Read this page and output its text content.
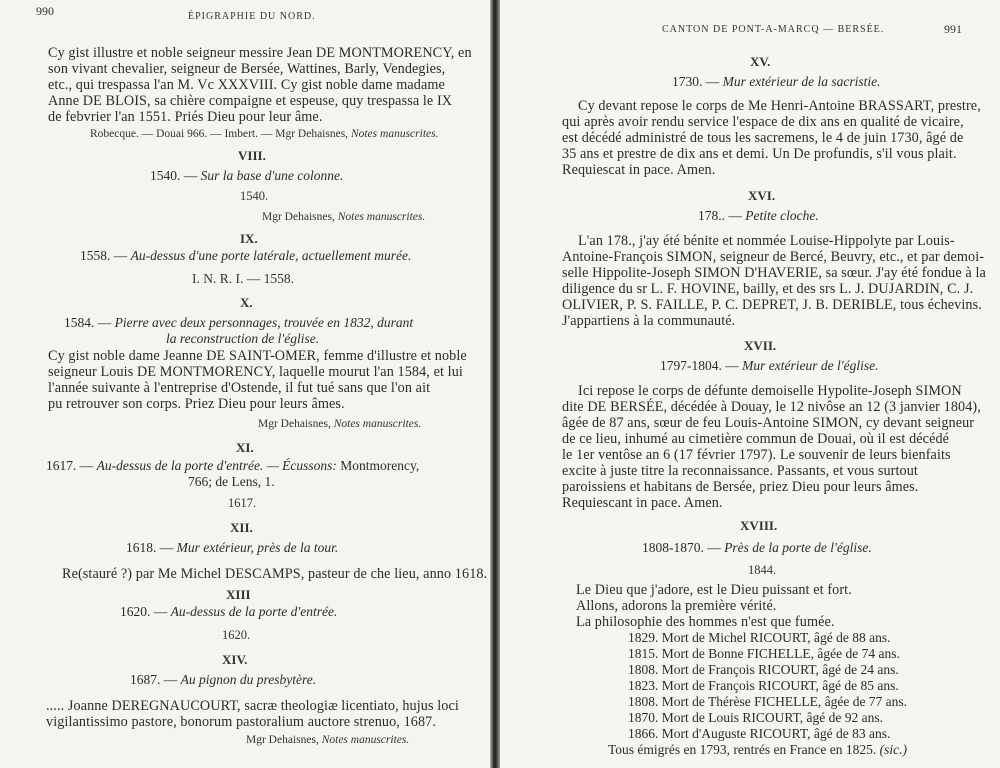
990	ÉPIGRAPHIE DU NORD.
Cy gist illustre et noble seigneur messire Jean DE MONTMORENCY, en
son vivant chevalier, seigneur de Bersée, Wattines, Barly, Vendegies,
etc., qui trespassa l'an M. Vc XXXVIII. Cy gist noble dame madame
Anne DE BLOIS, sa chière compaigne et espeuse, quy trespassa le IX
de febvrier l'an 1551. Priés Dieu pour leur âme.
Robecque. — Douai 966. — Imbert. — Mgr Dehaisnes, Notes manuscrites.
VIII.
1540. — Sur la base d'une colonne.
1540.
Mgr Dehaisnes, Notes manuscrites.
IX.
1558. — Au-dessus d'une porte latérale, actuellement murée.
I. N. R. I. — 1558.
X.
1584. — Pierre avec deux personnages, trouvée en 1832, durant
la reconstruction de l'église.
Cy gist noble dame Jeanne DE SAINT-OMER, femme d'illustre et noble
seigneur Louis DE MONTMORENCY, laquelle mourut l'an 1584, et lui
l'année suivante à l'entreprise d'Ostende, il fut tué sans que l'on ait
pu retrouver son corps. Priez Dieu pour leurs âmes.
Mgr Dehaisnes, Notes manuscrites.
XI.
1617. — Au-dessus de la porte d'entrée. — Écussons: Montmorency,
766; de Lens, 1.
1617.
XII.
1618. — Mur extérieur, près de la tour.
Re(stauré ?) par Me Michel DESCAMPS, pasteur de che lieu, anno 1618.
XIII
1620. — Au-dessus de la porte d'entrée.
1620.
XIV.
1687. — Au pignon du presbytère.
..... Joanne DEREGNAUCOURT, sacræ theologiæ licentiato, hujus loci
vigilantissimo pastore, bonorum pastoralium auctore strenuo, 1687.
Mgr Dehaisnes, Notes manuscrites.
CANTON DE PONT-A-MARCQ — BERSÉE.	991
XV.
1730. — Mur extérieur de la sacristie.
Cy devant repose le corps de Me Henri-Antoine BRASSART, prestre,
qui après avoir rendu service l'espace de dix ans en qualité de vicaire,
est décédé administré de tous les sacremens, le 4 de juin 1730, âgé de
35 ans et prestre de dix ans et demi. Un De profundis, s'il vous plait.
Requiescat in pace. Amen.
XVI.
178.. — Petite cloche.
L'an 178., j'ay été bénite et nommée Louise-Hippolyte par Louis-
Antoine-François SIMON, seigneur de Bercé, Beuvry, etc., et par demoi-
selle Hippolite-Joseph SIMON D'HAVERIE, sa sœur. J'ay été fondue à la
diligence du sr L. F. HOVINE, bailly, et des srs L. J. DUJARDIN, C. J.
OLIVIER, P. S. FAILLE, P. C. DEPRET, J. B. DERIBLE, tous échevins.
J'appartiens à la communauté.
XVII.
1797-1804. — Mur extérieur de l'église.
Ici repose le corps de défunte demoiselle Hypolite-Joseph SIMON
dite DE BERSÉE, décédée à Douay, le 12 nivôse an 12 (3 janvier 1804),
âgée de 87 ans, sœur de feu Louis-Antoine SIMON, cy devant seigneur
de ce lieu, inhumé au cimetière commun de Douai, où il est décédé
le 1er ventôse an 6 (17 février 1797). Le souvenir de leurs bienfaits
excite à juste titre la reconnaissance. Passants, et vous surtout
paroissiens et habitans de Bersée, priez Dieu pour leurs âmes.
Requiescant in pace. Amen.
XVIII.
1808-1870. — Près de la porte de l'église.
1844.
Le Dieu que j'adore, est le Dieu puissant et fort.
Allons, adorons la première vérité.
La philosophie des hommes n'est que fumée.
1829. Mort de Michel RICOURT, âgé de 88 ans.
1815. Mort de Bonne FICHELLE, âgée de 74 ans.
1808. Mort de François RICOURT, âgé de 24 ans.
1823. Mort de François RICOURT, âgé de 85 ans.
1808. Mort de Thérèse FICHELLE, âgée de 77 ans.
1870. Mort de Louis RICOURT, âgé de 92 ans.
1866. Mort d'Auguste RICOURT, âgé de 83 ans.
Tous émigrés en 1793, rentrés en France en 1825. (sic.)
